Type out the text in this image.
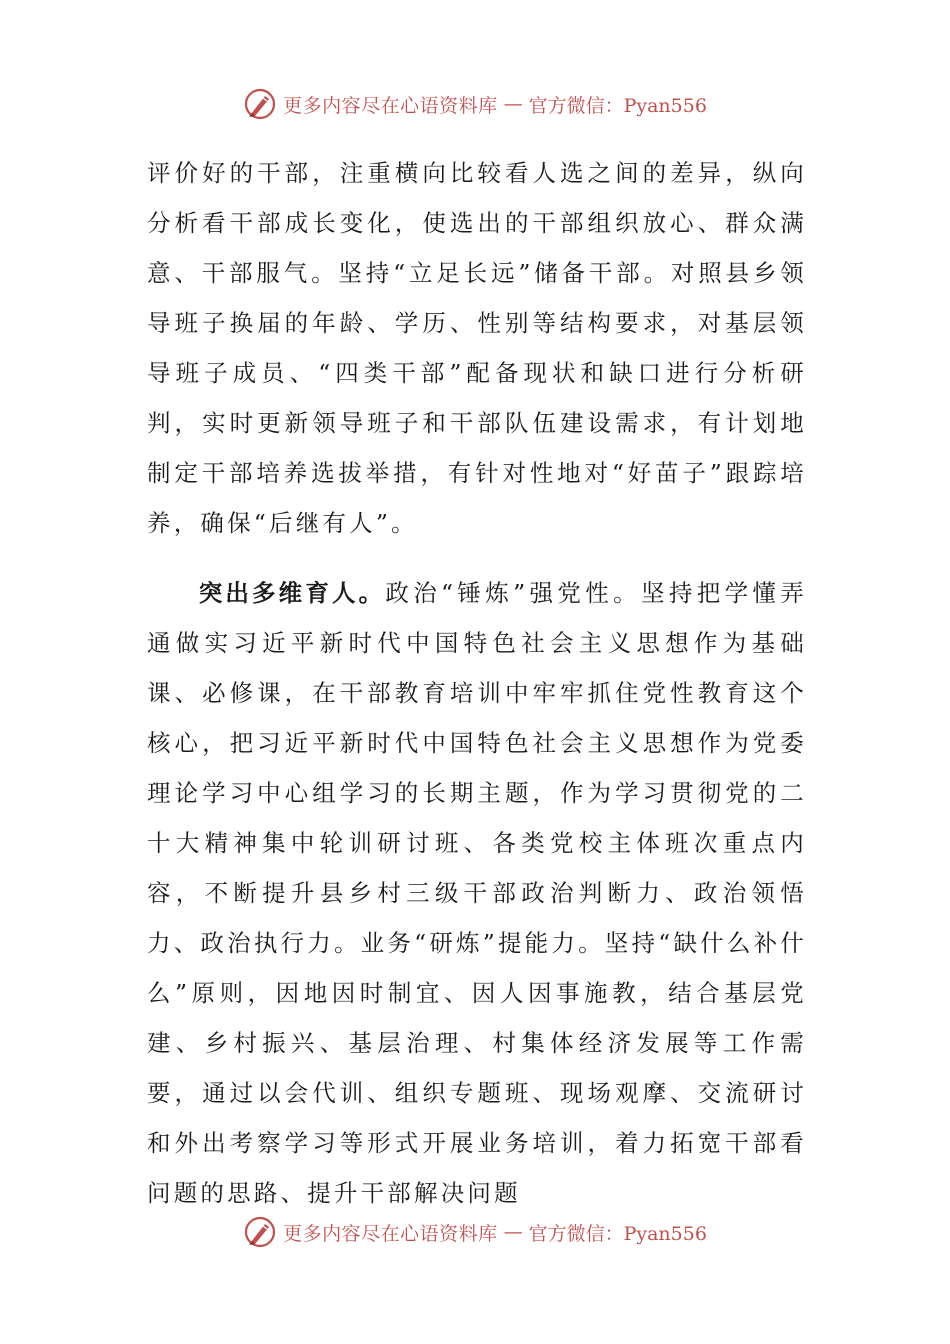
更多内容尽在心语资料库 — 官方微信：Pyan556

评价好的干部，注重横向比较看人选之间的差异，纵向分析看干部成长变化，使选出的干部组织放心、群众满意、干部服气。坚持“立足长远”储备干部。对照县乡领导班子换届的年龄、学历、性别等结构要求，对基层领导班子成员、“四类干部”配备现状和缺口进行分析研判，实时更新领导班子和干部队伍建设需求，有计划地制定干部培养选拔举措，有针对性地对“好苗子”跟踪培养，确保“后继有人”。

突出多维育人。政治“锤炼”强党性。坚持把学懂弄通做实习近平新时代中国特色社会主义思想作为基础课、必修课，在干部教育培训中牢牢抓住党性教育这个核心，把习近平新时代中国特色社会主义思想作为党委理论学习中心组学习的长期主题，作为学习贯彻党的二十大精神集中轮训研讨班、各类党校主体班次重点内容，不断提升县乡村三级干部政治判断力、政治领悟力、政治执行力。业务“研炼”提能力。坚持“缺什么补什么”原则，因地因时制宜、因人因事施教，结合基层党建、乡村振兴、基层治理、村集体经济发展等工作需要，通过以会代训、组织专题班、现场观摩、交流研讨和外出考察学习等形式开展业务培训，着力拓宽干部看问题的思路、提升干部解决问题

更多内容尽在心语资料库 — 官方微信：Pyan556
